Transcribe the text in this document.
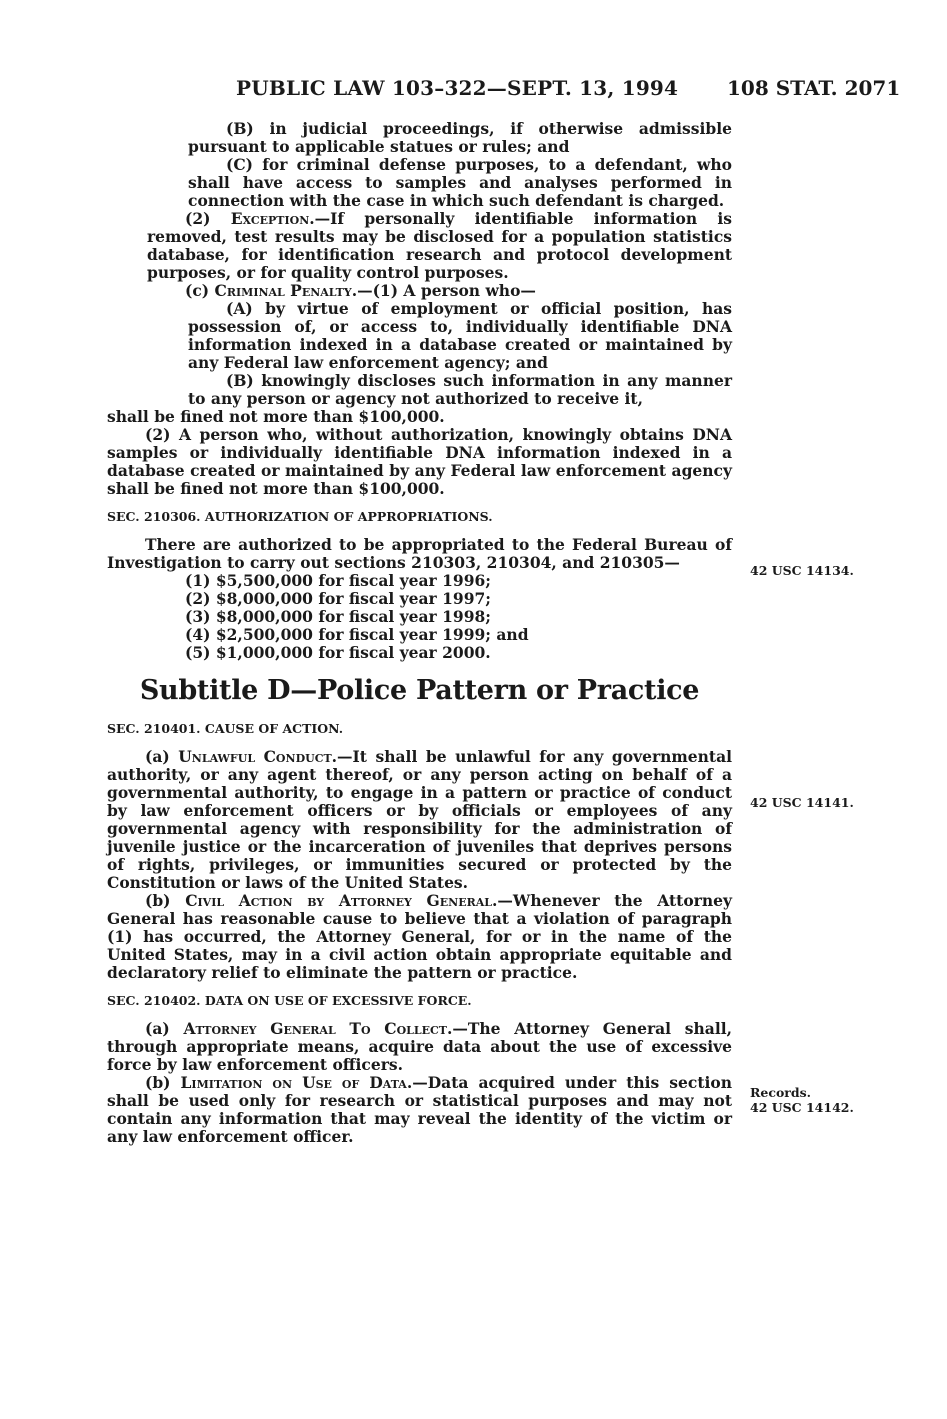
PUBLIC LAW 103–322—SEPT. 13, 1994 108 STAT. 2071

(B) in judicial proceedings, if otherwise admissible pursuant to applicable statues or rules; and

(C) for criminal defense purposes, to a defendant, who shall have access to samples and analyses performed in connection with the case in which such defendant is charged.

(2) Exception.—If personally identifiable information is removed, test results may be disclosed for a population statistics database, for identification research and protocol development purposes, or for quality control purposes.

(c) Criminal Penalty.—(1) A person who—

(A) by virtue of employment or official position, has possession of, or access to, individually identifiable DNA information indexed in a database created or maintained by any Federal law enforcement agency; and

(B) knowingly discloses such information in any manner to any person or agency not authorized to receive it,

shall be fined not more than $100,000.

(2) A person who, without authorization, knowingly obtains DNA samples or individually identifiable DNA information indexed in a database created or maintained by any Federal law enforcement agency shall be fined not more than $100,000.

SEC. 210306. AUTHORIZATION OF APPROPRIATIONS.

There are authorized to be appropriated to the Federal Bureau of Investigation to carry out sections 210303, 210304, and 210305—

(1) $5,500,000 for fiscal year 1996;

(2) $8,000,000 for fiscal year 1997;

(3) $8,000,000 for fiscal year 1998;

(4) $2,500,000 for fiscal year 1999; and

(5) $1,000,000 for fiscal year 2000.

Subtitle D—Police Pattern or Practice

SEC. 210401. CAUSE OF ACTION.

(a) Unlawful Conduct.—It shall be unlawful for any governmental authority, or any agent thereof, or any person acting on behalf of a governmental authority, to engage in a pattern or practice of conduct by law enforcement officers or by officials or employees of any governmental agency with responsibility for the administration of juvenile justice or the incarceration of juveniles that deprives persons of rights, privileges, or immunities secured or protected by the Constitution or laws of the United States.

(b) Civil Action by Attorney General.—Whenever the Attorney General has reasonable cause to believe that a violation of paragraph (1) has occurred, the Attorney General, for or in the name of the United States, may in a civil action obtain appropriate equitable and declaratory relief to eliminate the pattern or practice.

SEC. 210402. DATA ON USE OF EXCESSIVE FORCE.

(a) Attorney General To Collect.—The Attorney General shall, through appropriate means, acquire data about the use of excessive force by law enforcement officers.

(b) Limitation on Use of Data.—Data acquired under this section shall be used only for research or statistical purposes and may not contain any information that may reveal the identity of the victim or any law enforcement officer.

42 USC 14134.
42 USC 14141.
Records.
42 USC 14142.
